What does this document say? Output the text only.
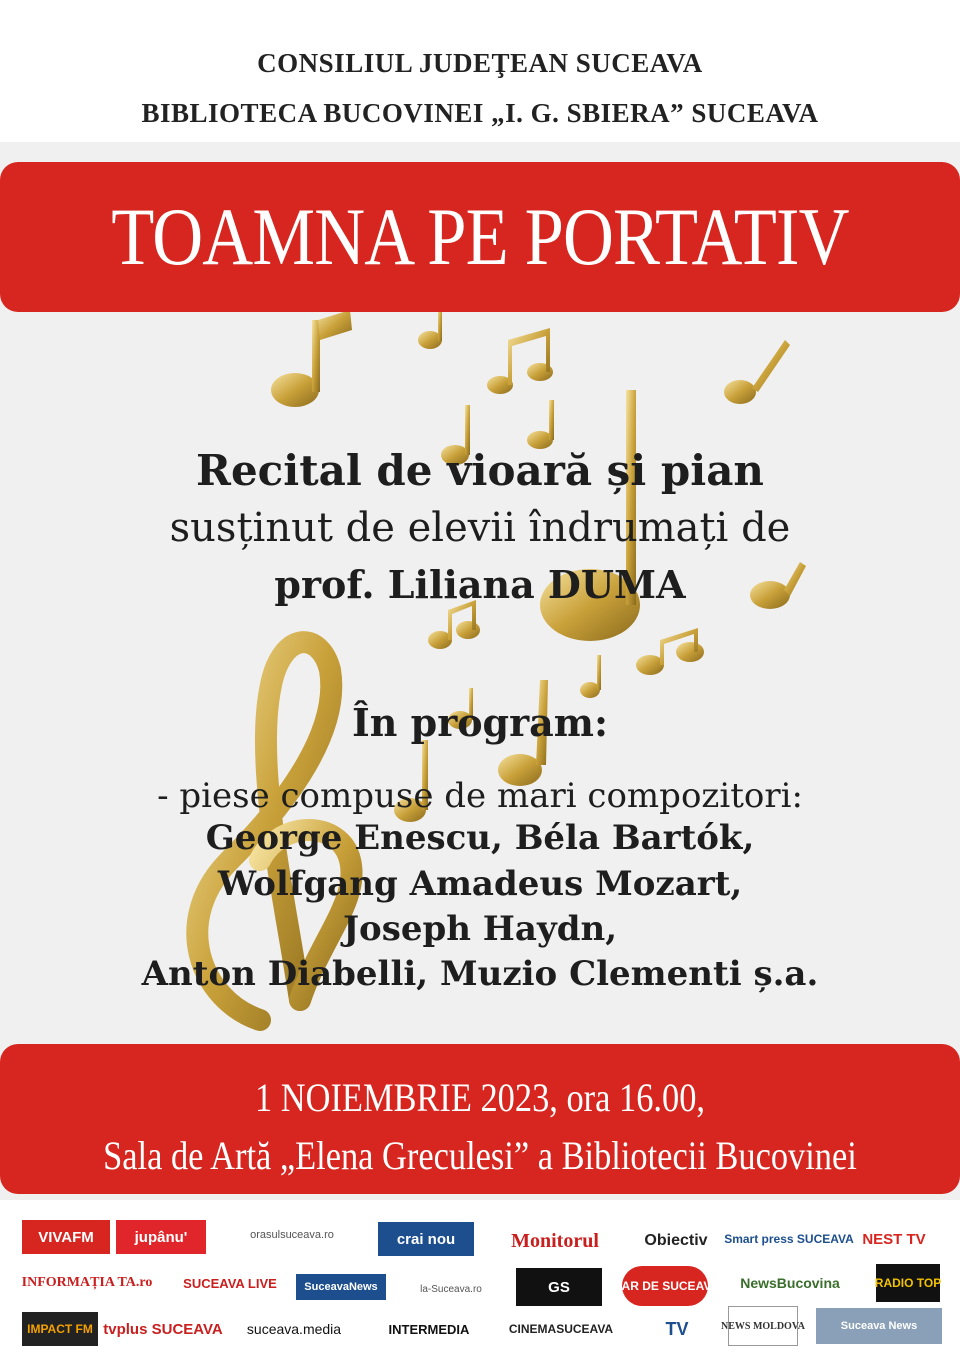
CONSILIUL JUDEŢEAN SUCEAVA
BIBLIOTECA BUCOVINEI „I. G. SBIERA” SUCEAVA
TOAMNA PE PORTATIV
Recital de vioară și pian
susținut de elevii îndrumați de
prof. Liliana DUMA
În program:
- piese compuse de mari compozitori:
George Enescu, Béla Bartók,
Wolfgang Amadeus Mozart,
Joseph Haydn,
Anton Diabelli, Muzio Clementi ș.a.
1 NOIEMBRIE 2023, ora 16.00,
Sala de Artă „Elena Greculesi” a Bibliotecii Bucovinei
VIVAFM	jupânu'	orasulsuceava.ro	crai nou	Monitorul	Obiectiv	Smart press SUCEAVA NEST TV
INFORMAȚIA TA.ro SUCEAVA LIVE	SuceavaNews	la-Suceava.ro	GS	ZIAR DE SUCEAVA	NewsBucovina	RADIO TOP
IMPACT FM tvplus SUCEAVA	suceava.media	INTERMEDIA	CINEMASUCEAVA	TV	NEWS MOLDOVA	Suceava News
